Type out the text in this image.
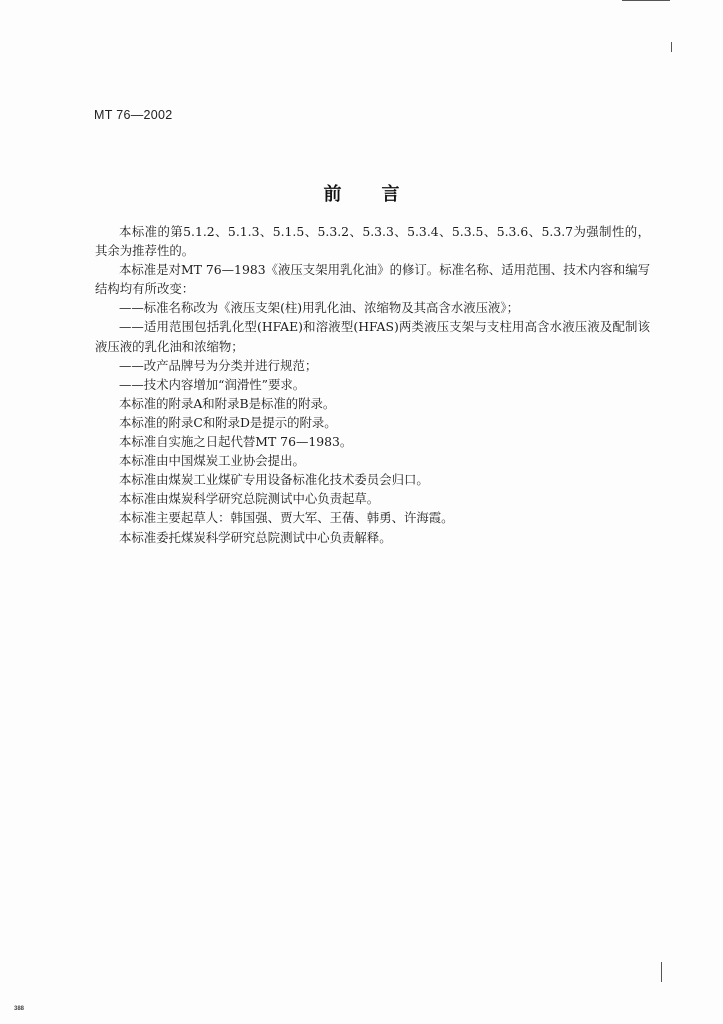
MT 76—2002
前言

本标准的第5.1.2、5.1.3、5.1.5、5.3.2、5.3.3、5.3.4、5.3.5、5.3.6、5.3.7为强制性的，其余为推荐性的。

本标准是对MT 76—1983《液压支架用乳化油》的修订。标准名称、适用范围、技术内容和编写结构均有所改变：

——标准名称改为《液压支架(柱)用乳化油、浓缩物及其高含水液压液》；

——适用范围包括乳化型(HFAE)和溶液型(HFAS)两类液压支架与支柱用高含水液压液及配制该液压液的乳化油和浓缩物；

——改产品牌号为分类并进行规范；

——技术内容增加“润滑性”要求。

本标准的附录A和附录B是标准的附录。

本标准的附录C和附录D是提示的附录。

本标准自实施之日起代替MT 76—1983。

本标准由中国煤炭工业协会提出。

本标准由煤炭工业煤矿专用设备标准化技术委员会归口。

本标准由煤炭科学研究总院测试中心负责起草。

本标准主要起草人：韩国强、贾大军、王蒨、韩勇、许海霞。

本标准委托煤炭科学研究总院测试中心负责解释。

388
